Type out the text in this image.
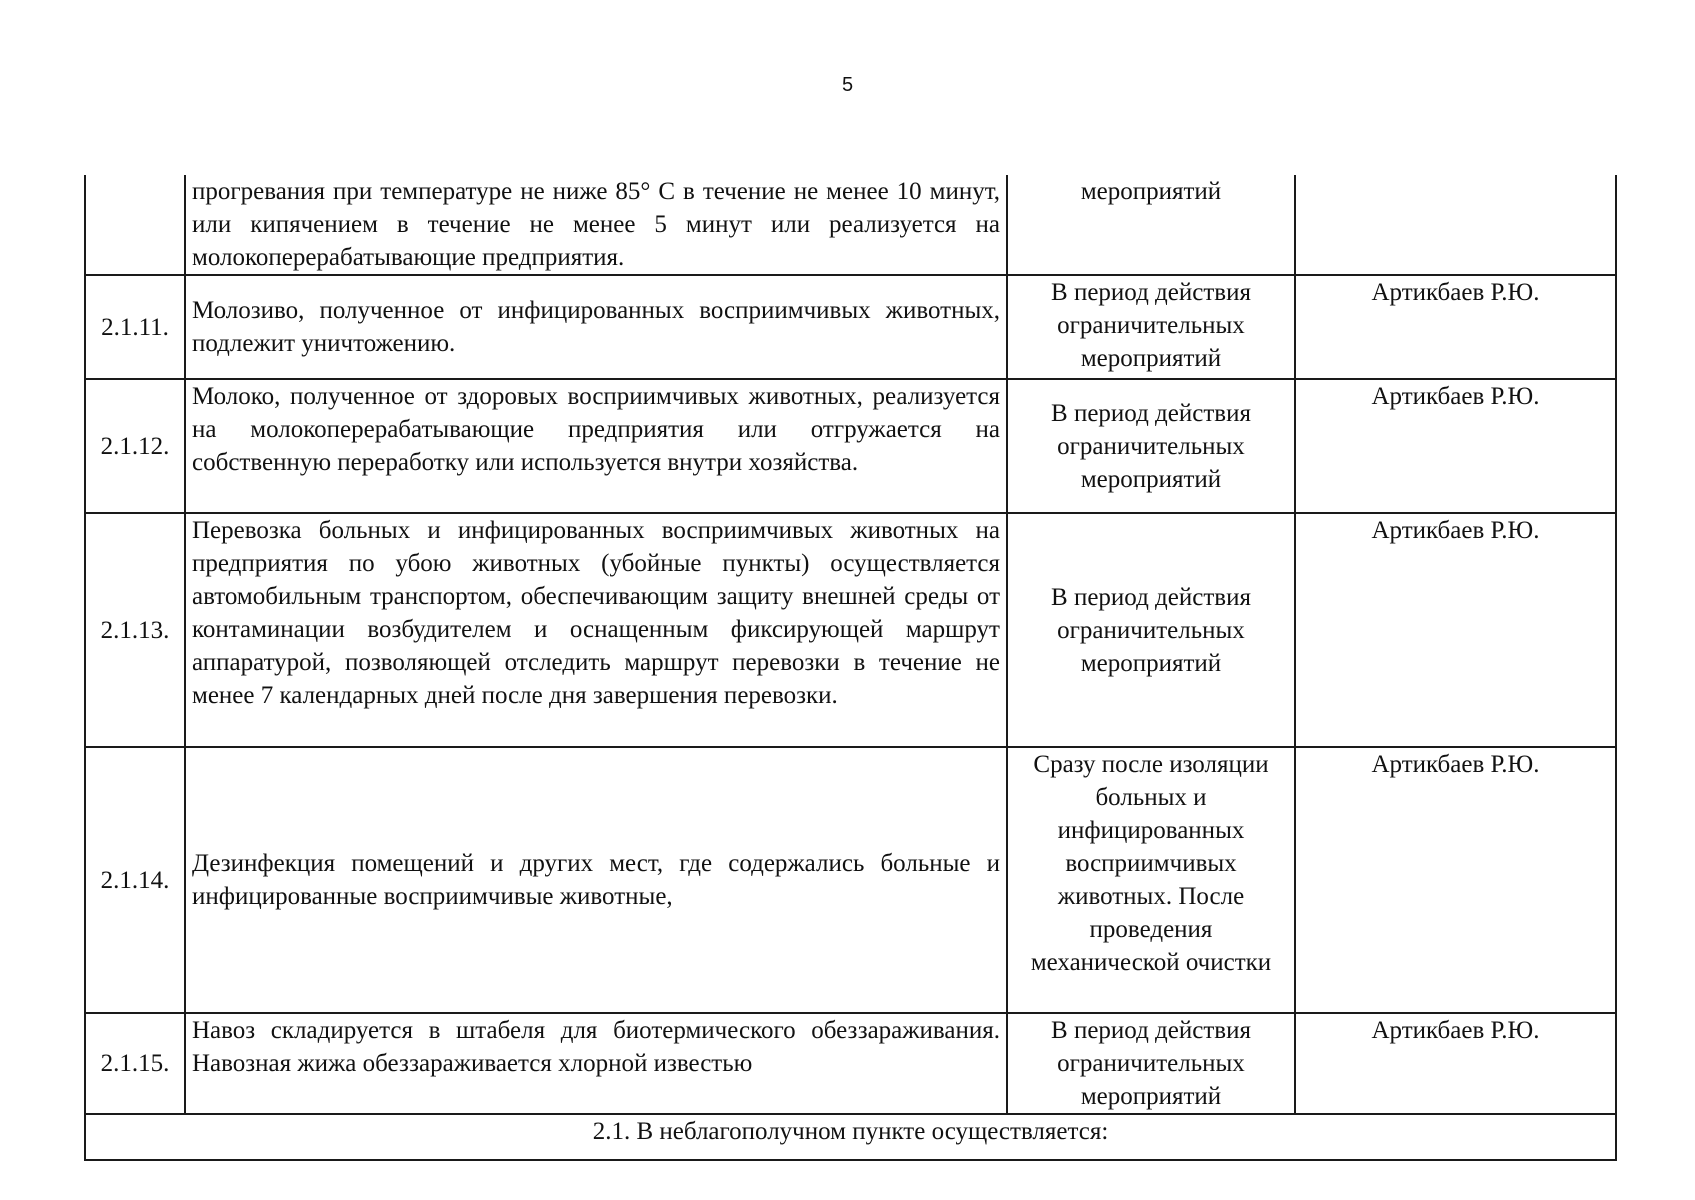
5
	прогревания при температуре не ниже 85° С в течение не менее 10 минут, или кипячением в течение не менее 5 минут или реализуется на молокоперерабатывающие предприятия.	мероприятий	
2.1.11.	Молозиво, полученное от инфицированных восприимчивых животных, подлежит уничтожению.	В период действия ограничительных мероприятий	Артикбаев Р.Ю.
2.1.12.	Молоко, полученное от здоровых восприимчивых животных, реализуется на молокоперерабатывающие предприятия или отгружается на собственную переработку или используется внутри хозяйства.	В период действия ограничительных мероприятий	Артикбаев Р.Ю.
2.1.13.	Перевозка больных и инфицированных восприимчивых животных на предприятия по убою животных (убойные пункты) осуществляется автомобильным транспортом, обеспечивающим защиту внешней среды от контаминации возбудителем и оснащенным фиксирующей маршрут аппаратурой, позволяющей отследить маршрут перевозки в течение не менее 7 календарных дней после дня завершения перевозки.	В период действия ограничительных мероприятий	Артикбаев Р.Ю.
2.1.14.	Дезинфекция помещений и других мест, где содержались больные и инфицированные восприимчивые животные,	Сразу после изоляции больных и инфицированных восприимчивых животных. После проведения механической очистки	Артикбаев Р.Ю.
2.1.15.	Навоз складируется в штабеля для биотермического обеззараживания. Навозная жижа обеззараживается хлорной известью	В период действия ограничительных мероприятий	Артикбаев Р.Ю.
2.1. В неблагополучном пункте осуществляется:			
